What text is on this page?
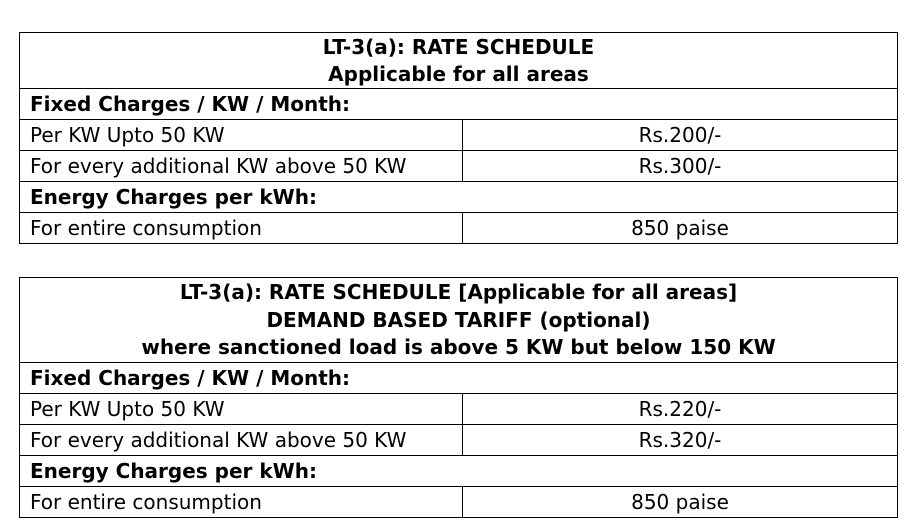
LT-3(a): RATE SCHEDULE
Applicable for all areas	

Fixed Charges / KW / Month:	
Per KW Upto 50 KW	Rs.200/-
For every additional KW above 50 KW	Rs.300/-
Energy Charges per kWh:	
For entire consumption	850 paise
LT-3(a): RATE SCHEDULE [Applicable for all areas]
DEMAND BASED TARIFF (optional)
where sanctioned load is above 5 KW but below 150 KW	

Fixed Charges / KW / Month:	
Per KW Upto 50 KW	Rs.220/-
For every additional KW above 50 KW	Rs.320/-
Energy Charges per kWh:	
For entire consumption	850 paise
